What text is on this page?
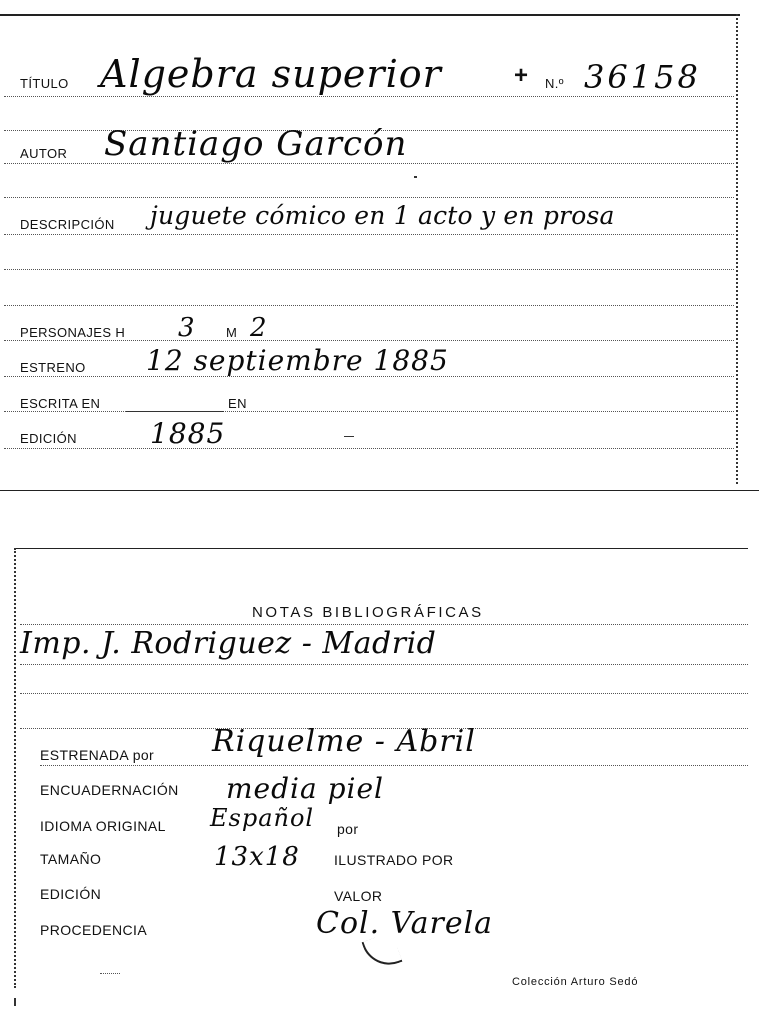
TÍTULO Algebra superior	+ N.º 36158
AUTOR Santiago Garcón
DESCRIPCIÓN juguete cómico en 1 acto y en prosa
PERSONAJES H 3 M 2
ESTRENO 12 septiembre 1885
ESCRITA EN	EN
EDICIÓN	1885
NOTAS BIBLIOGRÁFICAS
Imp. J. Rodriguez - Madrid
ESTRENADA por Riquelme - Abril
ENCUADERNACIÓN media piel
IDIOMA ORIGINAL Español por
TAMAÑO	13x18 ILUSTRADO POR
EDICIÓN	VALOR
PROCEDENCIA	Col. Varela
Colección Arturo Sedó
